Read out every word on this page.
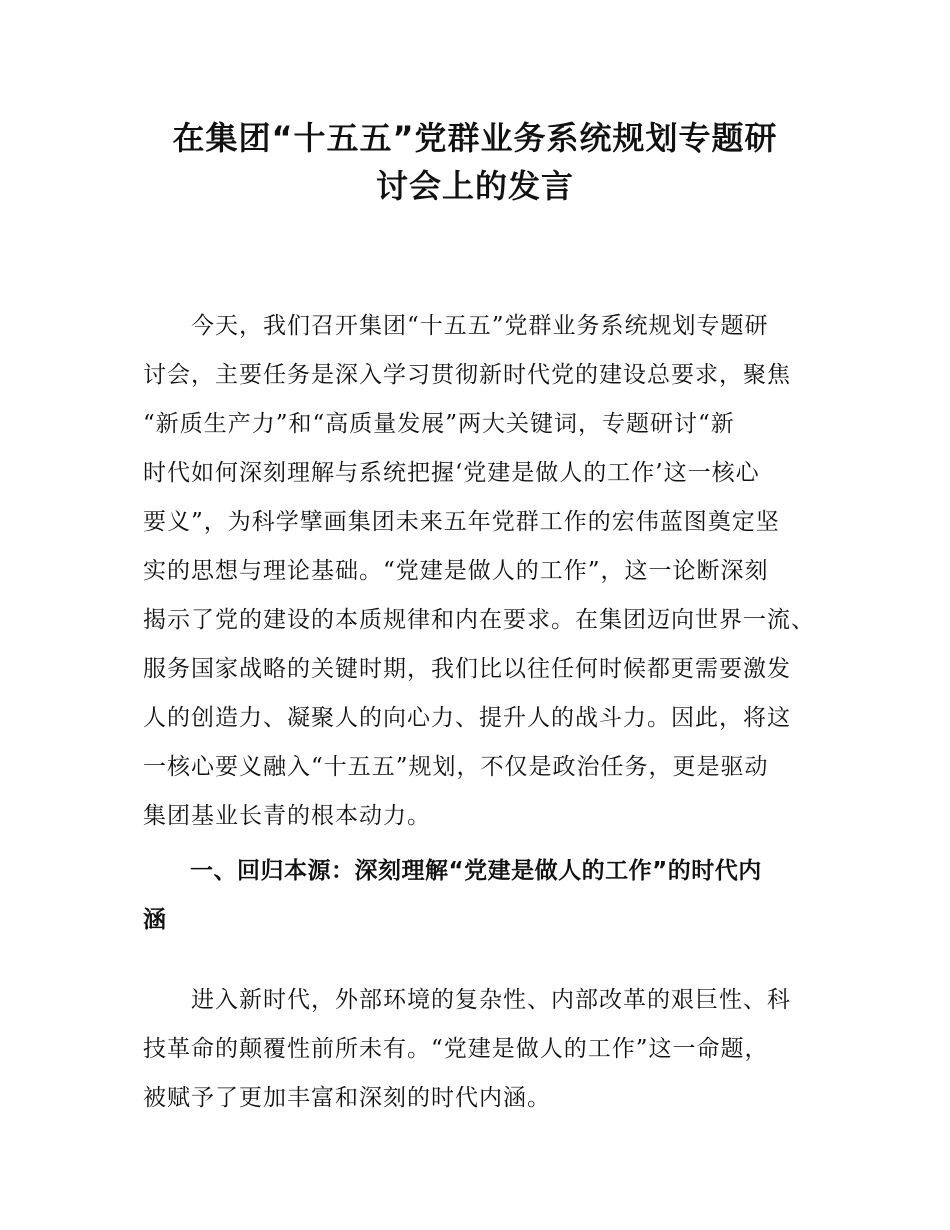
在集团“十五五”党群业务系统规划专题研
讨会上的发言
　　今天，我们召开集团“十五五”党群业务系统规划专题研
讨会，主要任务是深入学习贯彻新时代党的建设总要求，聚焦
“新质生产力”和“高质量发展”两大关键词，专题研讨“新
时代如何深刻理解与系统把握‘党建是做人的工作’这一核心
要义”，为科学擘画集团未来五年党群工作的宏伟蓝图奠定坚
实的思想与理论基础。“党建是做人的工作”，这一论断深刻
揭示了党的建设的本质规律和内在要求。在集团迈向世界一流、
服务国家战略的关键时期，我们比以往任何时候都更需要激发
人的创造力、凝聚人的向心力、提升人的战斗力。因此，将这
一核心要义融入“十五五”规划，不仅是政治任务，更是驱动
集团基业长青的根本动力。
　　一、回归本源：深刻理解“党建是做人的工作”的时代内
涵
　　进入新时代，外部环境的复杂性、内部改革的艰巨性、科
技革命的颠覆性前所未有。“党建是做人的工作”这一命题，
被赋予了更加丰富和深刻的时代内涵。
